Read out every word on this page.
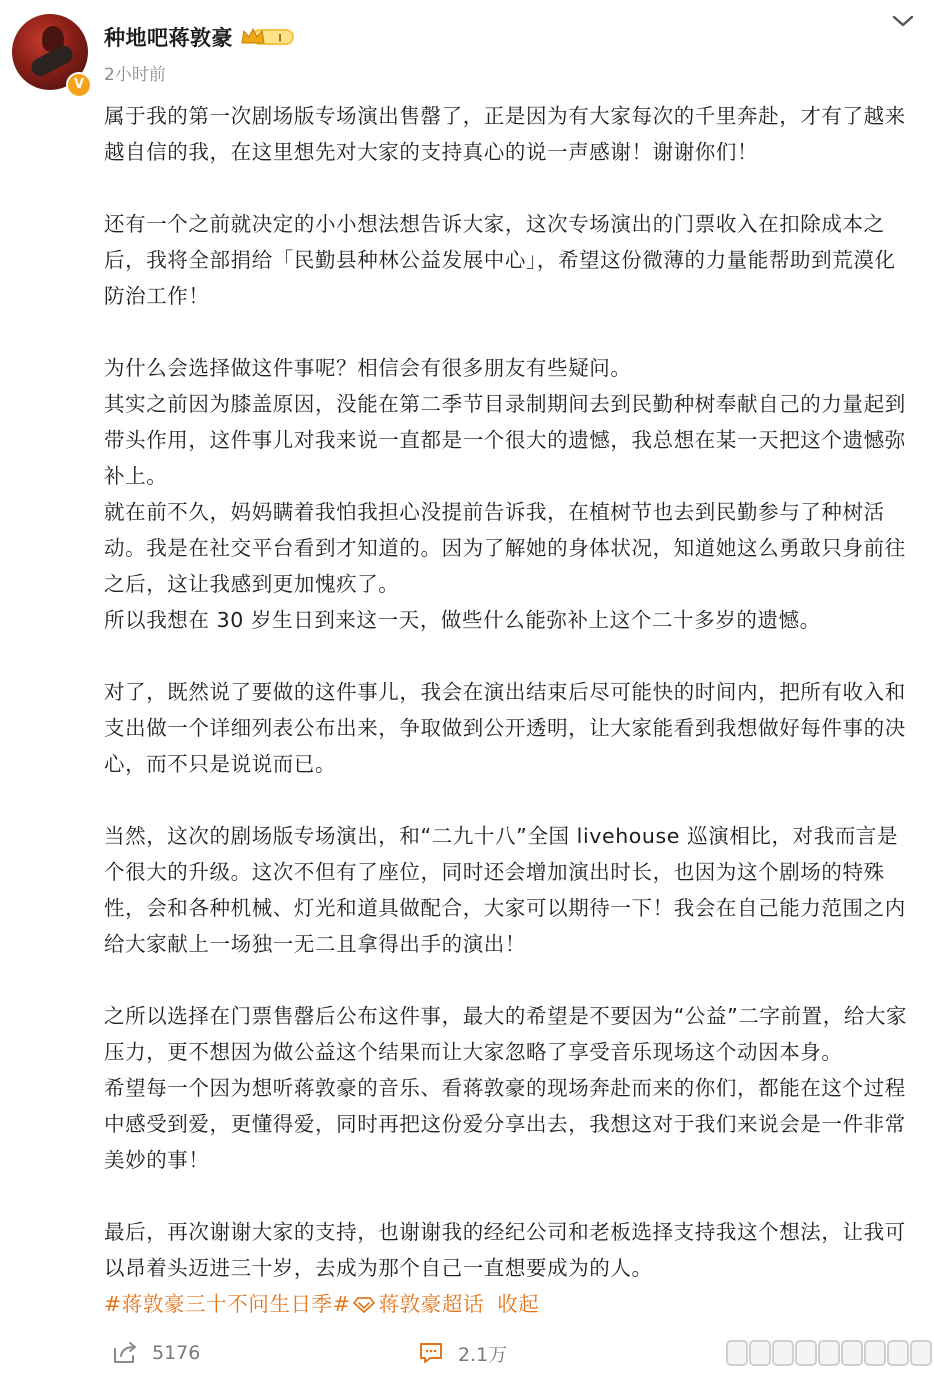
V
种地吧蒋敦豪	I
2小时前

属于我的第一次剧场版专场演出售罄了，正是因为有大家每次的千里奔赴，才有了越来越自信的我，在这里想先对大家的支持真心的说一声感谢！谢谢你们！

还有一个之前就决定的小小想法想告诉大家，这次专场演出的门票收入在扣除成本之后，我将全部捐给「民勤县种林公益发展中心」，希望这份微薄的力量能帮助到荒漠化防治工作！

为什么会选择做这件事呢？相信会有很多朋友有些疑问。

其实之前因为膝盖原因，没能在第二季节目录制期间去到民勤种树奉献自己的力量起到带头作用，这件事儿对我来说一直都是一个很大的遗憾，我总想在某一天把这个遗憾弥补上。

就在前不久，妈妈瞒着我怕我担心没提前告诉我，在植树节也去到民勤参与了种树活动。我是在社交平台看到才知道的。因为了解她的身体状况，知道她这么勇敢只身前往之后，这让我感到更加愧疚了。

所以我想在 30 岁生日到来这一天，做些什么能弥补上这个二十多岁的遗憾。

对了，既然说了要做的这件事儿，我会在演出结束后尽可能快的时间内，把所有收入和支出做一个详细列表公布出来，争取做到公开透明，让大家能看到我想做好每件事的决心，而不只是说说而已。

当然，这次的剧场版专场演出，和“二九十八”全国 livehouse 巡演相比，对我而言是个很大的升级。这次不但有了座位，同时还会增加演出时长，也因为这个剧场的特殊性，会和各种机械、灯光和道具做配合，大家可以期待一下！我会在自己能力范围之内给大家献上一场独一无二且拿得出手的演出！

之所以选择在门票售罄后公布这件事，最大的希望是不要因为“公益”二字前置，给大家压力，更不想因为做公益这个结果而让大家忽略了享受音乐现场这个动因本身。

希望每一个因为想听蒋敦豪的音乐、看蒋敦豪的现场奔赴而来的你们，都能在这个过程中感受到爱，更懂得爱，同时再把这份爱分享出去，我想这对于我们来说会是一件非常美妙的事！

最后，再次谢谢大家的支持，也谢谢我的经纪公司和老板选择支持我这个想法，让我可以昂着头迈进三十岁，去成为那个自己一直想要成为的人。

#蒋敦豪三十不问生日季# 蒋敦豪超话 收起
5176	2.1万
